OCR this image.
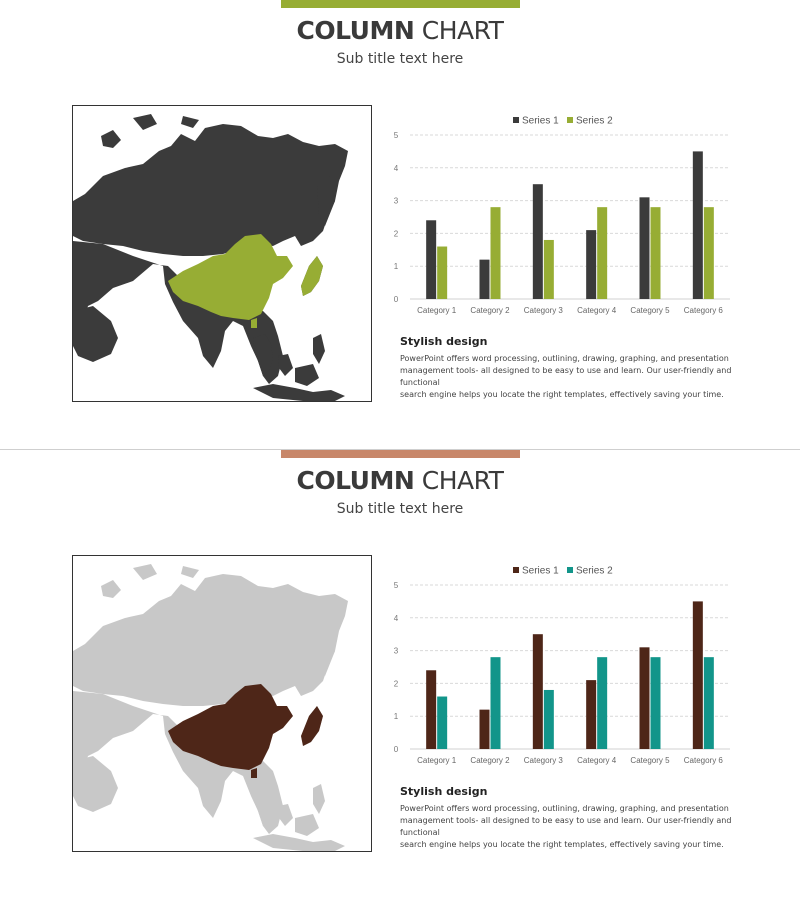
COLUMN CHART
Sub title text here
Series 1 Series 2
0
1
2
3
4
5
Category 1 Category 2 Category 3 Category 4 Category 5 Category 6
Stylish design
PowerPoint offers word processing, outlining, drawing, graphing, and presentation
management tools- all designed to be easy to use and learn. Our user-friendly and functional
search engine helps you locate the right templates, effectively saving your time.
COLUMN CHART
Sub title text here
Series 1 Series 2
0
1
2
3
4
5
Category 1 Category 2 Category 3 Category 4 Category 5 Category 6
Stylish design
PowerPoint offers word processing, outlining, drawing, graphing, and presentation
management tools- all designed to be easy to use and learn. Our user-friendly and functional
search engine helps you locate the right templates, effectively saving your time.
